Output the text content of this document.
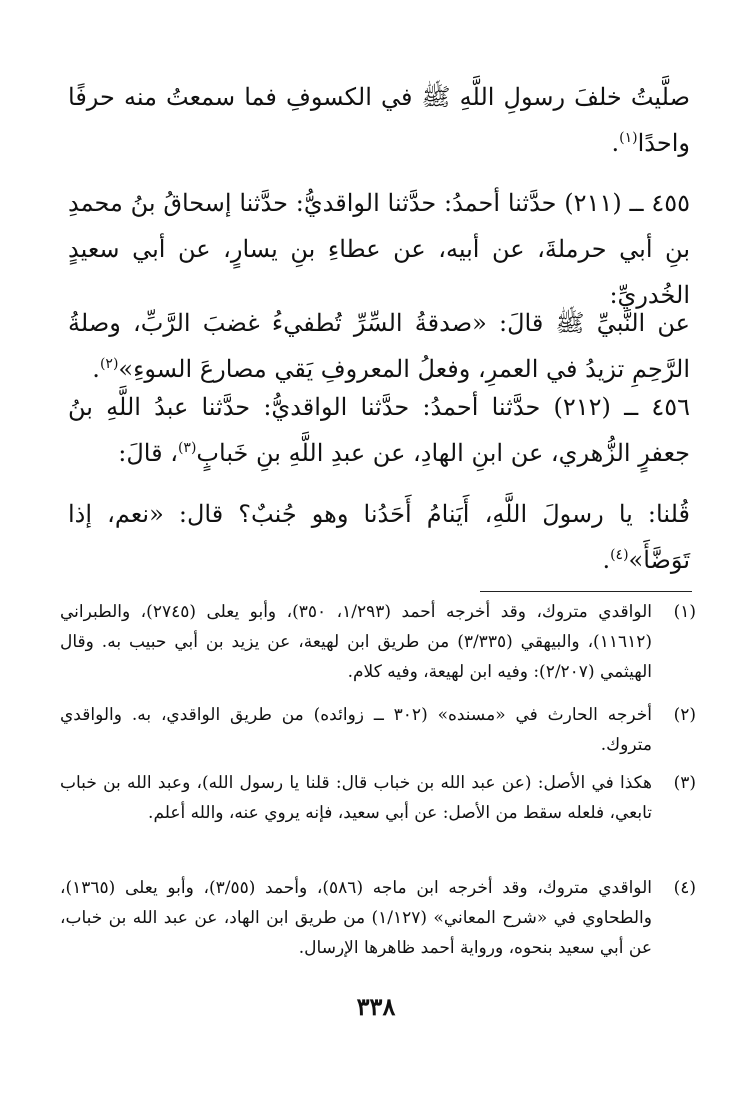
صلَّيتُ خلفَ رسولِ اللَّهِ ﷺ في الكسوفِ فما سمعتُ منه حرفًا واحدًا$^{(١)}$.

٤٥٥ ــ (٢١١) حدَّثنا أحمدُ: حدَّثنا الواقديُّ: حدَّثنا إسحاقُ بنُ محمدِ بنِ أبي حرملةَ، عن أبيه، عن عطاءِ بنِ يسارٍ، عن أبي سعيدٍ الخُدريِّ:

عن النَّبيِّ ﷺ قالَ: «صدقةُ السِّرِّ تُطفيءُ غضبَ الرَّبِّ، وصلةُ الرَّحِمِ تزيدُ في العمرِ، وفعلُ المعروفِ يَقي مصارعَ السوءِ»$^{(٢)}$.

٤٥٦ ــ (٢١٢) حدَّثنا أحمدُ: حدَّثنا الواقديُّ: حدَّثنا عبدُ اللَّهِ بنُ جعفرٍ الزُّهري، عن ابنِ الهادِ، عن عبدِ اللَّهِ بنِ خَبابٍ$^{(٣)}$، قالَ:

قُلنا: يا رسولَ اللَّهِ، أَيَنامُ أَحَدُنا وهو جُنبٌ؟ قال: «نعم، إذا تَوَضَّأَ»$^{(٤)}$.

(١)
الواقدي متروك، وقد أخرجه أحمد (١/٢٩٣، ٣٥٠)، وأبو يعلى (٢٧٤٥)، والطبراني (١١٦١٢)، والبيهقي (٣/٣٣٥) من طريق ابن لهيعة، عن يزيد بن أبي حبيب به. وقال الهيثمي (٢/٢٠٧): وفيه ابن لهيعة، وفيه كلام.
(٢)
أخرجه الحارث في «مسنده» (٣٠٢ ــ زوائده) من طريق الواقدي، به. والواقدي متروك.
(٣)
هكذا في الأصل: (عن عبد الله بن خباب قال: قلنا يا رسول الله)، وعبد الله بن خباب تابعي، فلعله سقط من الأصل: عن أبي سعيد، فإنه يروي عنه، والله أعلم.
(٤)
الواقدي متروك، وقد أخرجه ابن ماجه (٥٨٦)، وأحمد (٣/٥٥)، وأبو يعلى (١٣٦٥)، والطحاوي في «شرح المعاني» (١/١٢٧) من طريق ابن الهاد، عن عبد الله بن خباب، عن أبي سعيد بنحوه، ورواية أحمد ظاهرها الإرسال.
٣٣٨
